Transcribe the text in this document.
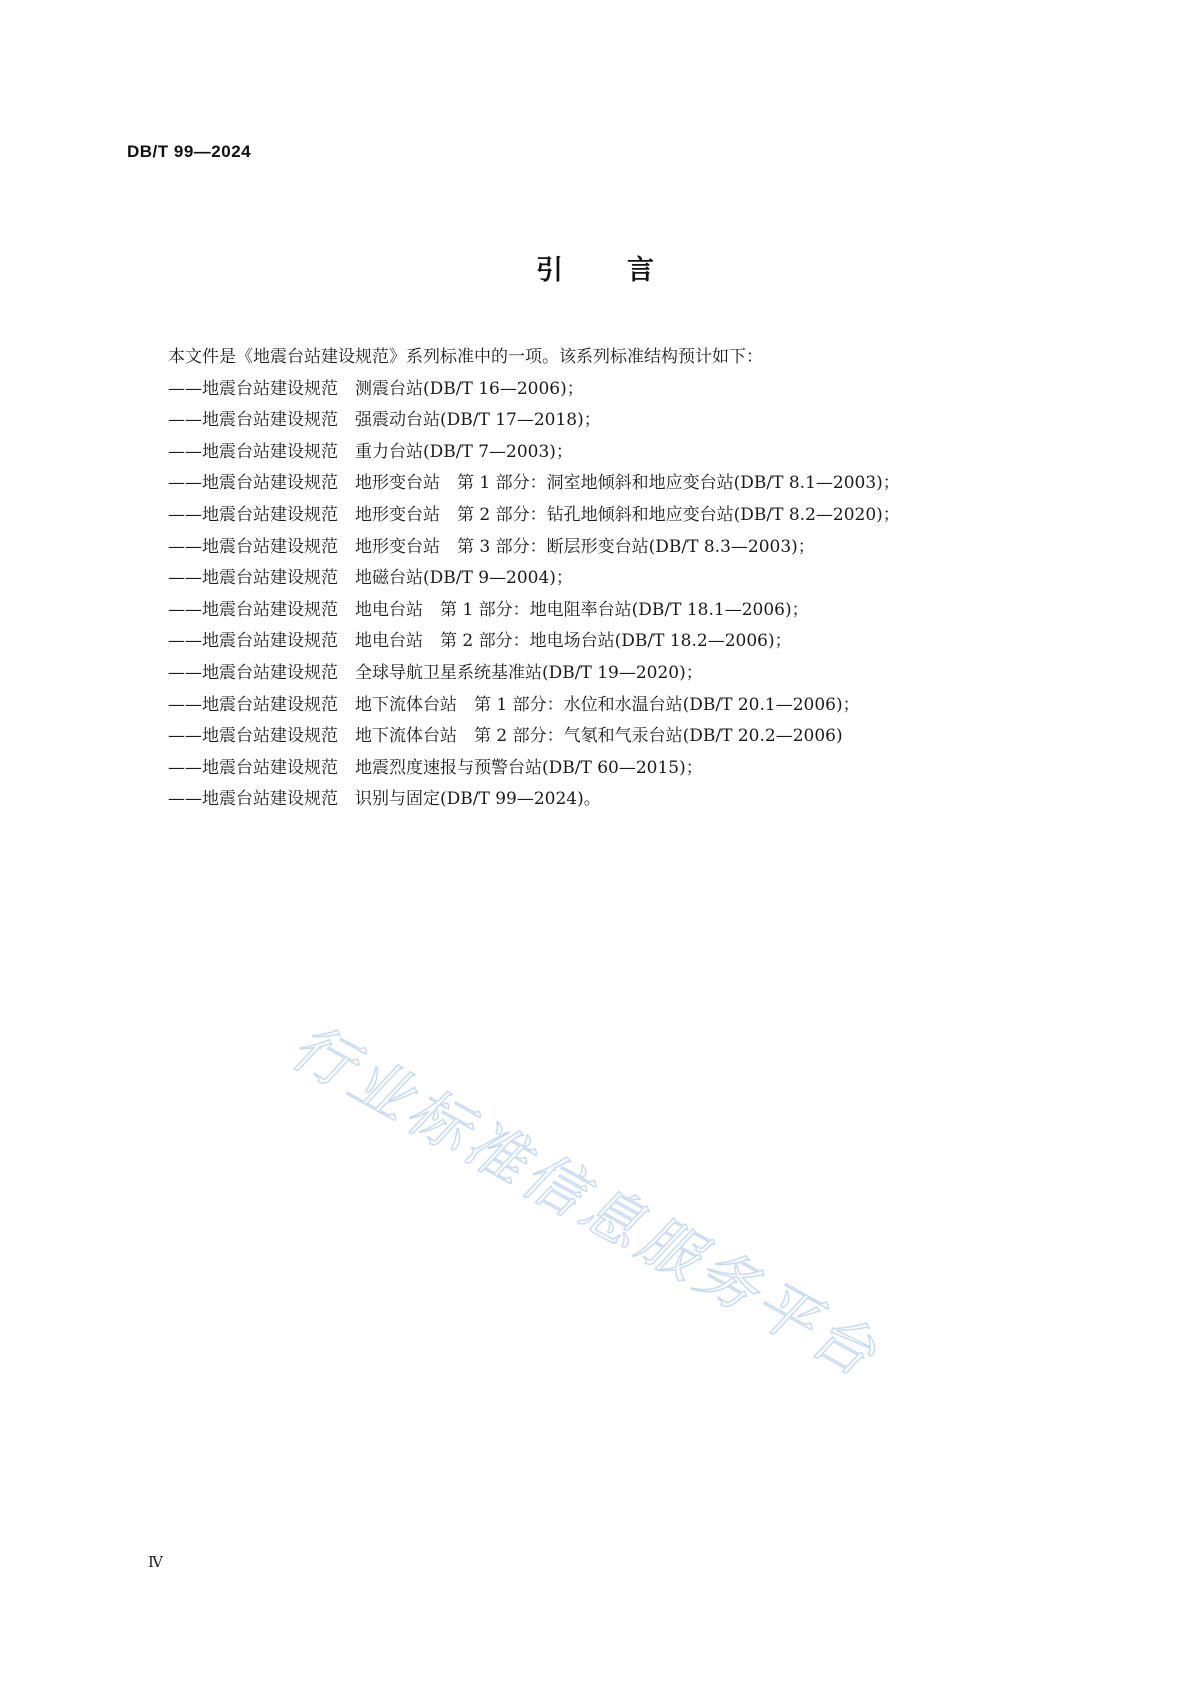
DB/T 99—2024
引言
本文件是《地震台站建设规范》系列标准中的一项。该系列标准结构预计如下：
——地震台站建设规范　测震台站(DB/T 16—2006)；
——地震台站建设规范　强震动台站(DB/T 17—2018)；
——地震台站建设规范　重力台站(DB/T 7—2003)；
——地震台站建设规范　地形变台站　第 1 部分：洞室地倾斜和地应变台站(DB/T 8.1—2003)；
——地震台站建设规范　地形变台站　第 2 部分：钻孔地倾斜和地应变台站(DB/T 8.2—2020)；
——地震台站建设规范　地形变台站　第 3 部分：断层形变台站(DB/T 8.3—2003)；
——地震台站建设规范　地磁台站(DB/T 9—2004)；
——地震台站建设规范　地电台站　第 1 部分：地电阻率台站(DB/T 18.1—2006)；
——地震台站建设规范　地电台站　第 2 部分：地电场台站(DB/T 18.2—2006)；
——地震台站建设规范　全球导航卫星系统基准站(DB/T 19—2020)；
——地震台站建设规范　地下流体台站　第 1 部分：水位和水温台站(DB/T 20.1—2006)；
——地震台站建设规范　地下流体台站　第 2 部分：气氡和气汞台站(DB/T 20.2—2006)
——地震台站建设规范　地震烈度速报与预警台站(DB/T 60—2015)；
——地震台站建设规范　识别与固定(DB/T 99—2024)。
行业标准信息服务平台
Ⅳ
